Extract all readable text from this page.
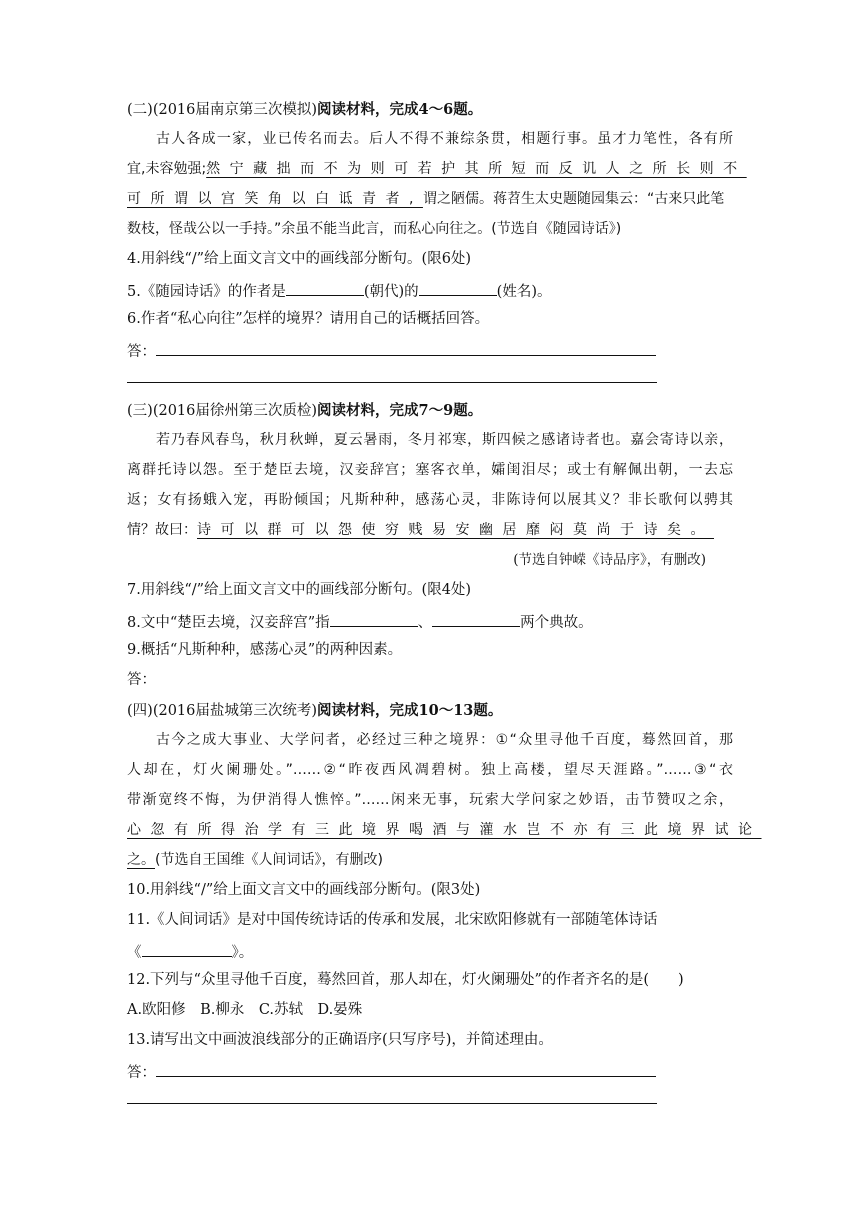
(二)(2016届南京第三次模拟)阅读材料，完成4～6题。
古人各成一家，业已传名而去。后人不得不兼综条贯，相题行事。虽才力笔性，各有所
宜,未容勉强;然宁藏拙而不为则可若护其所短而反讥人之所长则不
可所谓以宫笑角以白诋青者,谓之陋儒。蒋苕生太史题随园集云：“古来只此笔
数枝，怪哉公以一手持。”余虽不能当此言，而私心向往之。(节选自《随园诗话》)
4.用斜线“/”给上面文言文中的画线部分断句。(限6处)
5.《随园诗话》的作者是	(朝代)的	(姓名)。
6.作者“私心向往”怎样的境界？请用自己的话概括回答。
答：
(三)(2016届徐州第三次质检)阅读材料，完成7～9题。
若乃春风春鸟，秋月秋蝉，夏云暑雨，冬月祁寒，斯四候之感诸诗者也。嘉会寄诗以亲，
离群托诗以怨。至于楚臣去境，汉妾辞宫；塞客衣单，孀闺泪尽；或士有解佩出朝，一去忘
返；女有扬蛾入宠，再盼倾国；凡斯种种，感荡心灵，非陈诗何以展其义？非长歌何以骋其
情？故曰：诗可以群可以怨使穷贱易安幽居靡闷莫尚于诗矣。
(节选自钟嵘《诗品序》，有删改)
7.用斜线“/”给上面文言文中的画线部分断句。(限4处)
8.文中“楚臣去境，汉妾辞宫”指	、	两个典故。
9.概括“凡斯种种，感荡心灵”的两种因素。
答：
(四)(2016届盐城第三次统考)阅读材料，完成10～13题。
古今之成大事业、大学问者，必经过三种之境界：①“众里寻他千百度，蓦然回首，那
人却在，灯火阑珊处。”……②“昨夜西风凋碧树。独上高楼，望尽天涯路。”……③“衣
带渐宽终不悔，为伊消得人憔悴。”……闲来无事，玩索大学问家之妙语，击节赞叹之余，
心忽有所得治学有三此境界喝酒与灌水岂不亦有三此境界试论
之。(节选自王国维《人间词话》，有删改)
10.用斜线“/”给上面文言文中的画线部分断句。(限3处)
11.《人间词话》是对中国传统诗话的传承和发展，北宋欧阳修就有一部随笔体诗话
《	》。
12.下列与“众里寻他千百度，蓦然回首，那人却在，灯火阑珊处”的作者齐名的是(　　)
A.欧阳修　B.柳永　C.苏轼　D.晏殊
13.请写出文中画波浪线部分的正确语序(只写序号)，并简述理由。
答：
